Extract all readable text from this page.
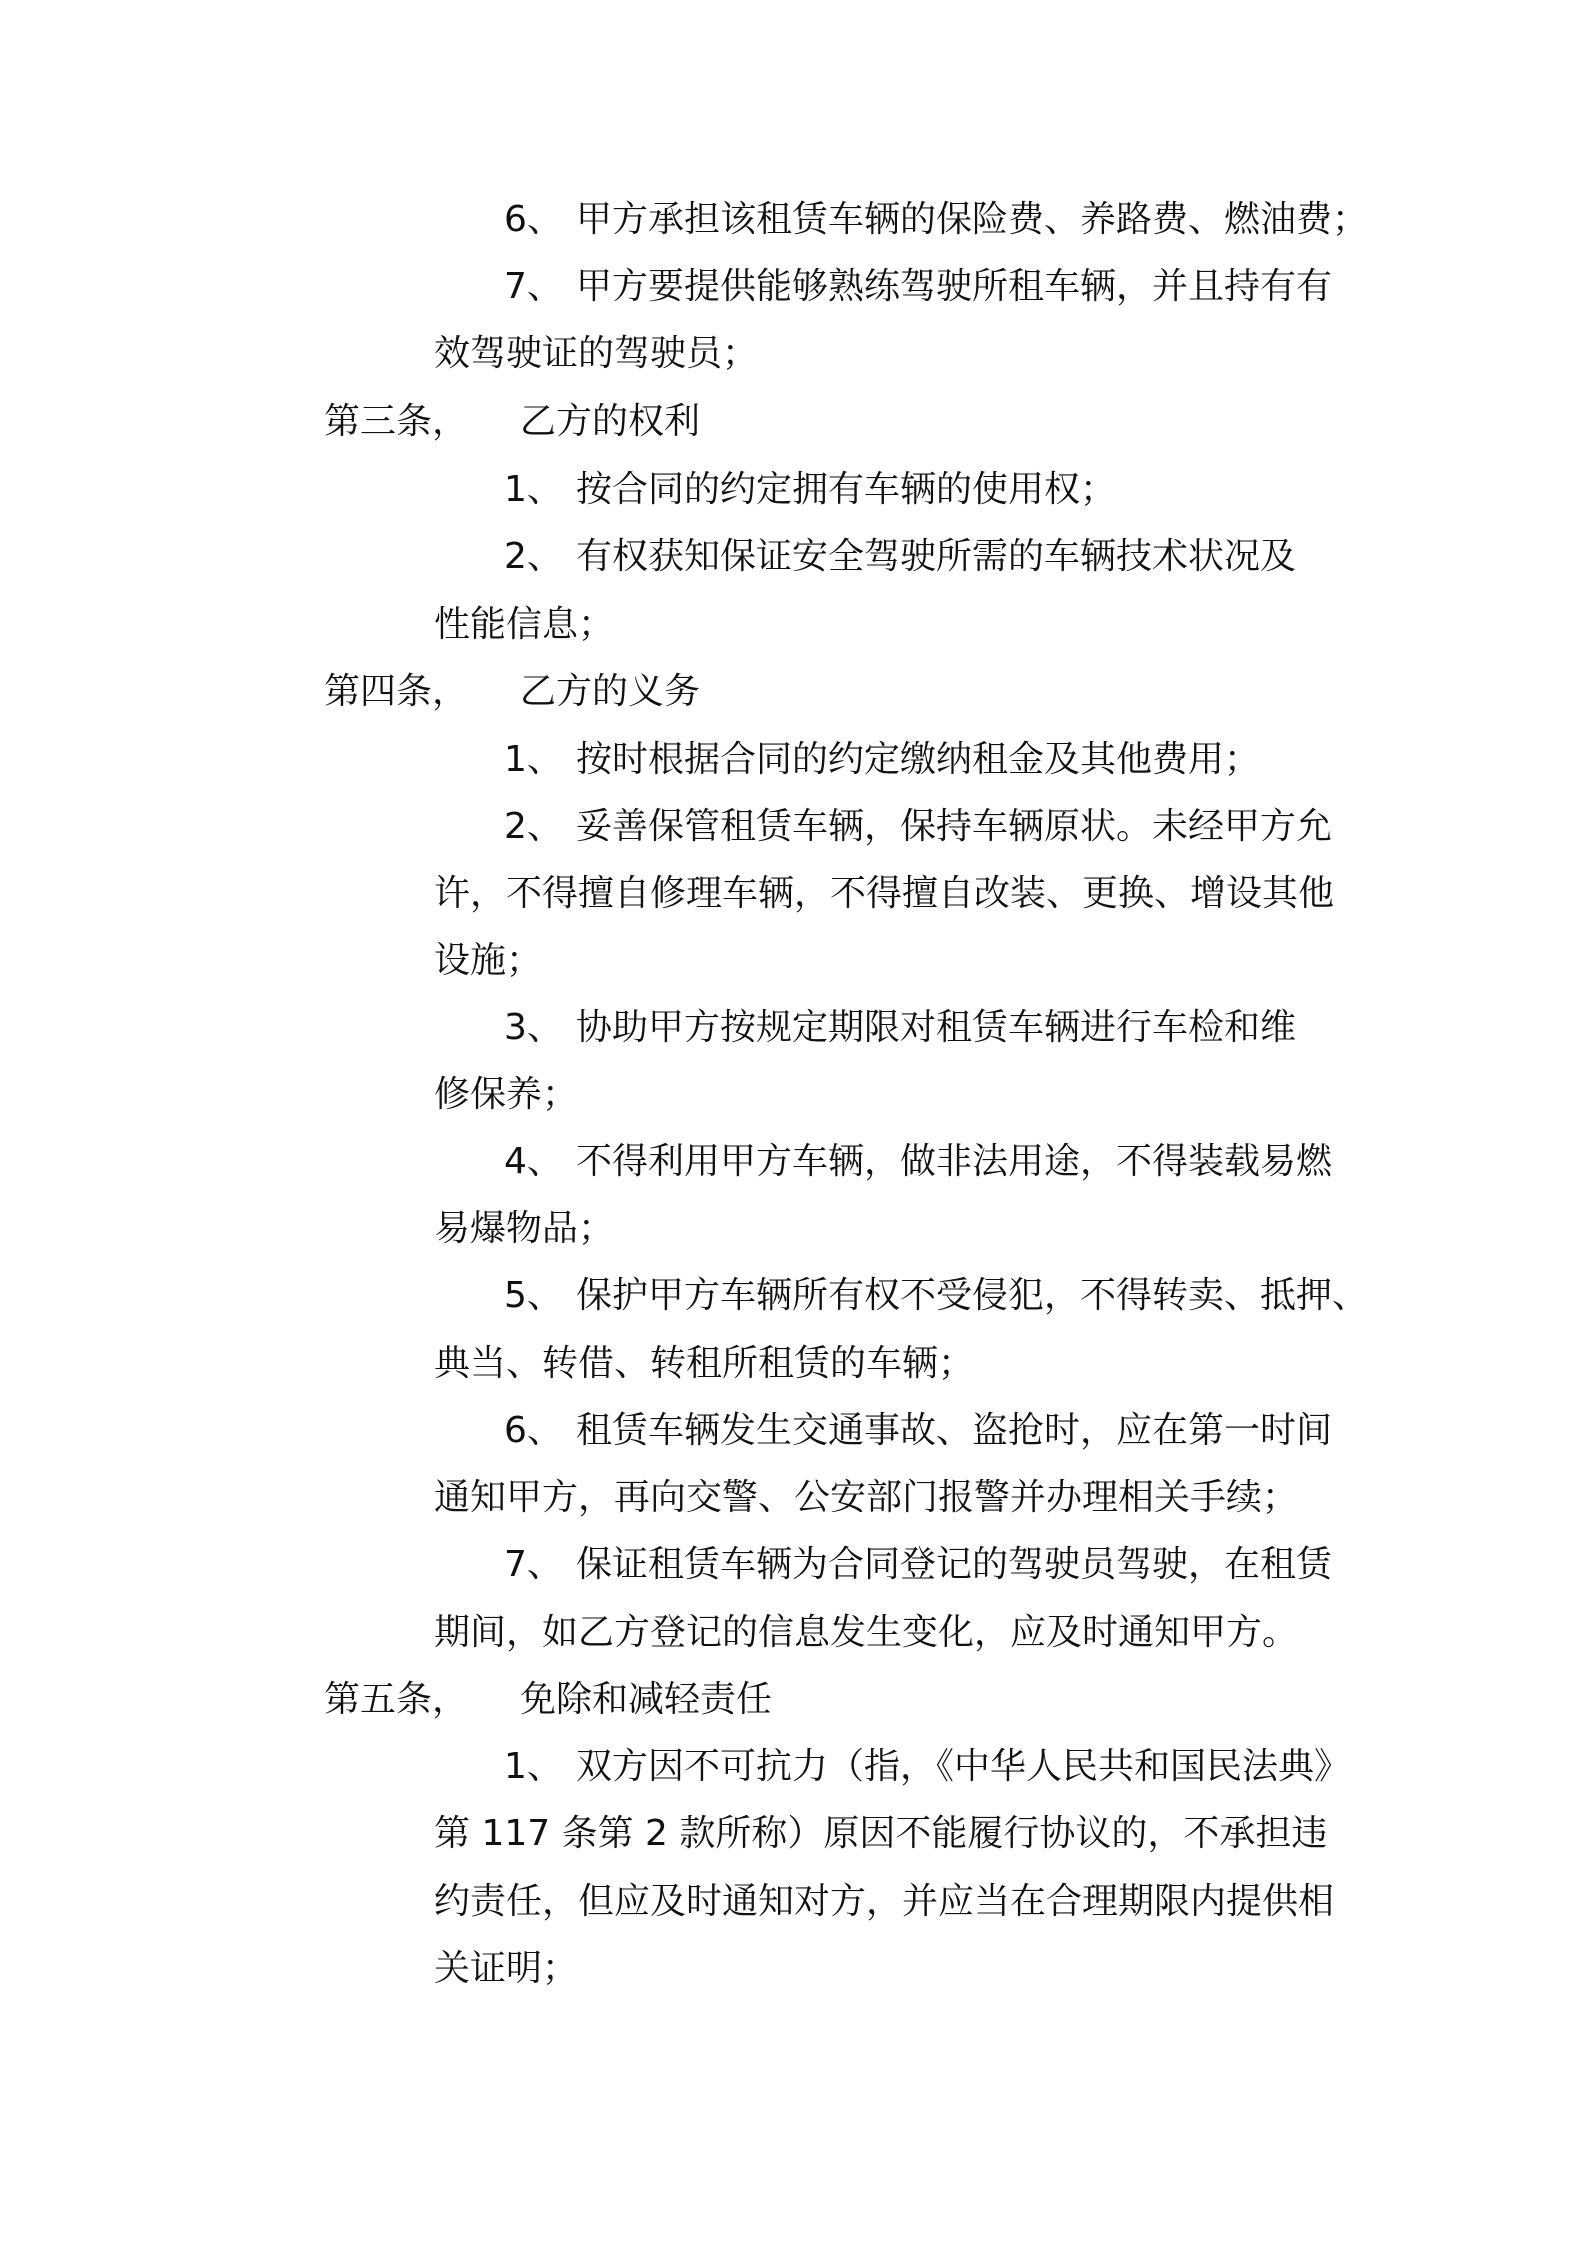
6、 甲方承担该租赁车辆的保险费、养路费、燃油费；
7、 甲方要提供能够熟练驾驶所租车辆，并且持有有
效驾驶证的驾驶员；
第三条， 乙方的权利
1、 按合同的约定拥有车辆的使用权；
2、 有权获知保证安全驾驶所需的车辆技术状况及
性能信息；
第四条， 乙方的义务
1、 按时根据合同的约定缴纳租金及其他费用；
2、 妥善保管租赁车辆，保持车辆原状。未经甲方允
许，不得擅自修理车辆，不得擅自改装、更换、增设其他
设施；
3、 协助甲方按规定期限对租赁车辆进行车检和维
修保养；
4、 不得利用甲方车辆，做非法用途，不得装载易燃
易爆物品；
5、 保护甲方车辆所有权不受侵犯，不得转卖、抵押、
典当、转借、转租所租赁的车辆；
6、 租赁车辆发生交通事故、盗抢时，应在第一时间
通知甲方，再向交警、公安部门报警并办理相关手续；
7、 保证租赁车辆为合同登记的驾驶员驾驶，在租赁
期间，如乙方登记的信息发生变化，应及时通知甲方。
第五条， 免除和减轻责任
1、 双方因不可抗力（指，《中华人民共和国民法典》
第 117 条第 2 款所称）原因不能履行协议的，不承担违
约责任，但应及时通知对方，并应当在合理期限内提供相
关证明；
